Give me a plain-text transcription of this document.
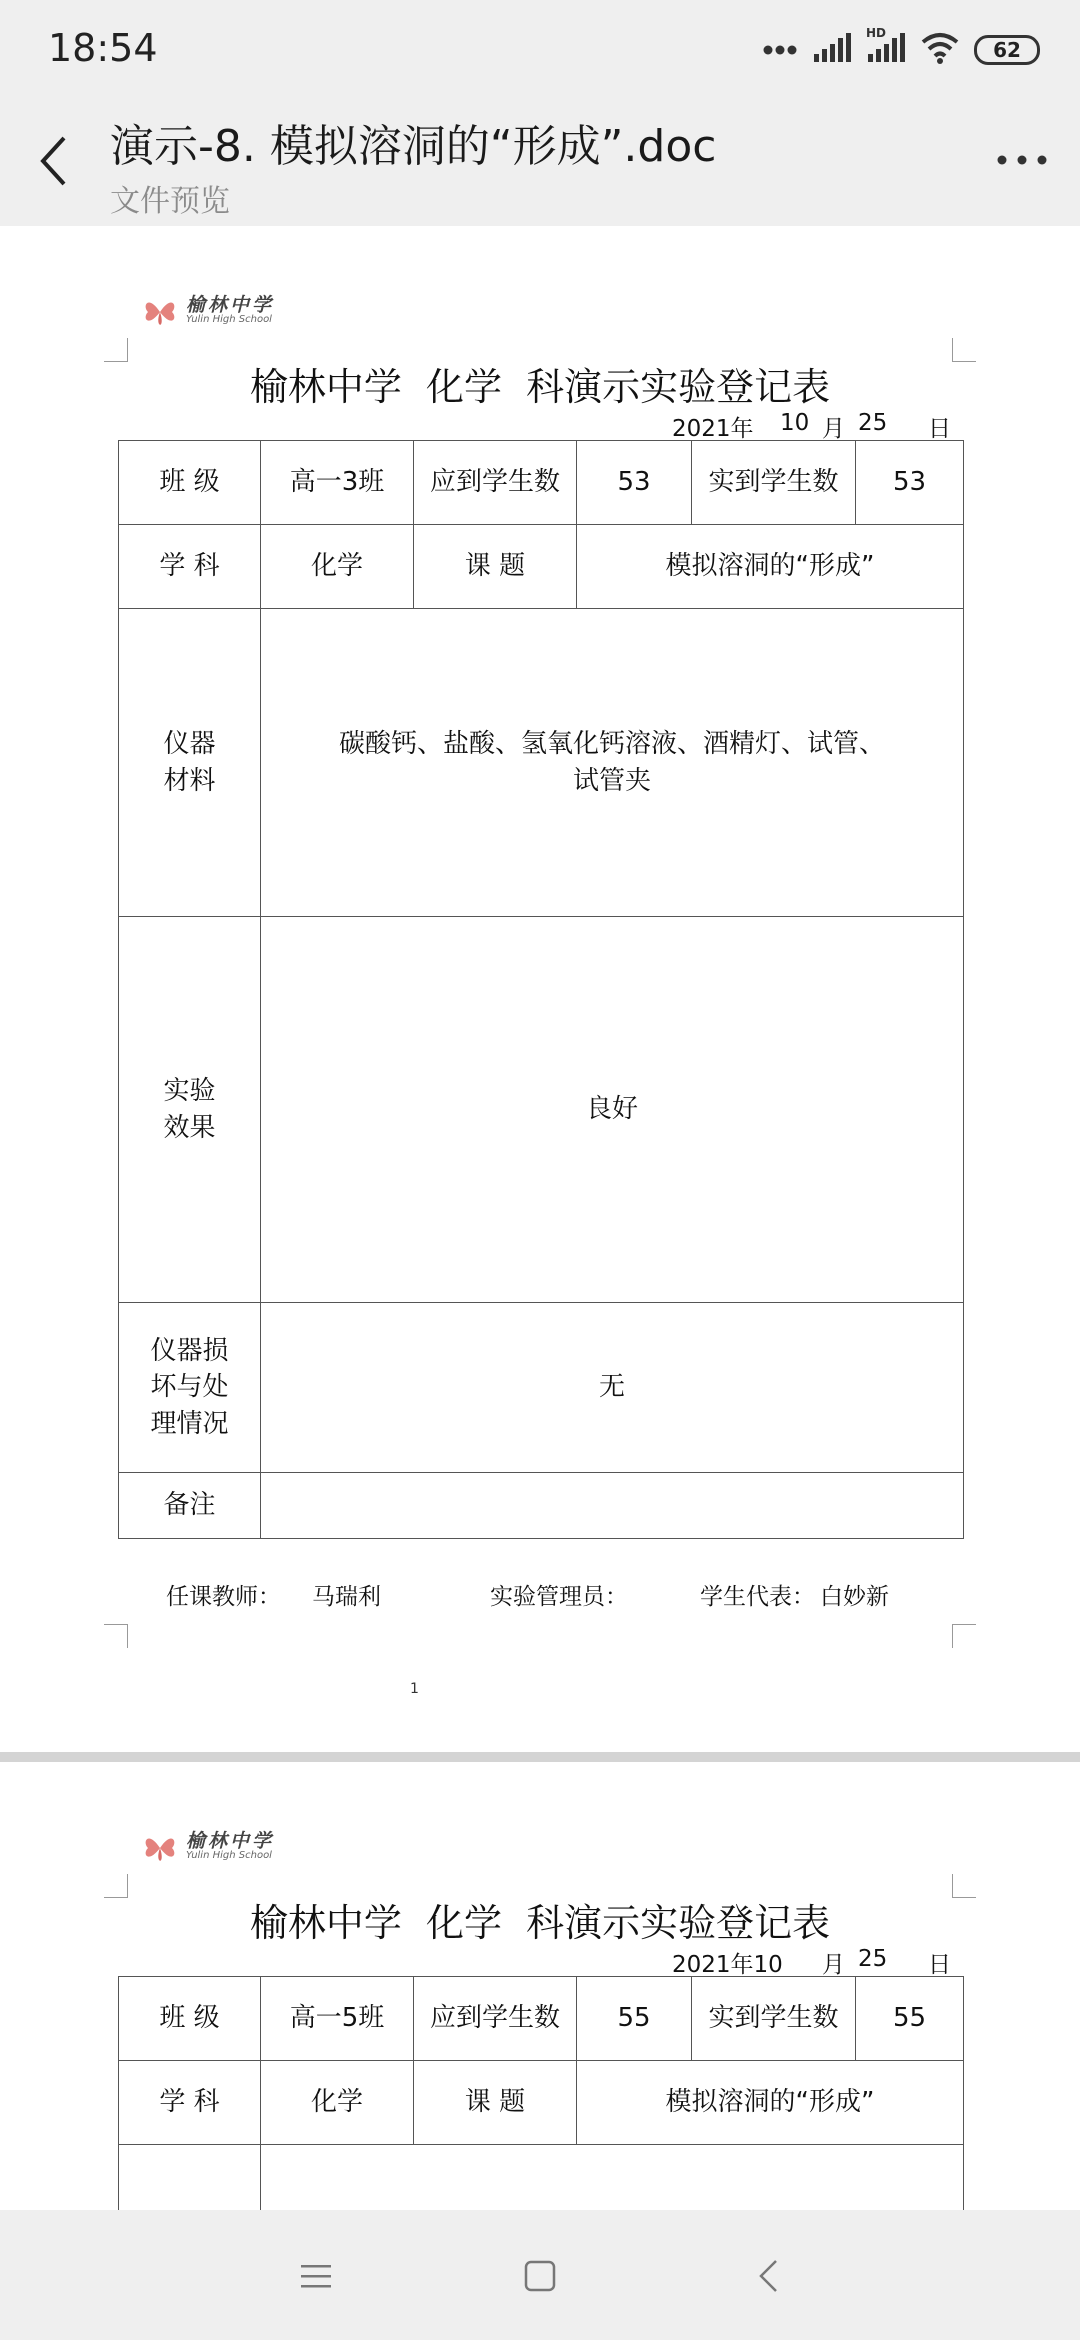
18:54	HD
62
演示-8. 模拟溶洞的“形成”.doc
文件预览
榆林中学
Yulin High School
榆林中学  化学  科演示实验登记表
2021年 10 月 25 日
班 级	高一3班	应到学生数	53	实到学生数	53
学 科	化学	课 题	模拟溶洞的“形成”		

仪器
材料	碳酸钙、盐酸、氢氧化钙溶液、酒精灯、试管、
试管夹				

实验
效果	良好				

仪器损
坏与处
理情况	无				
备注					
任课教师： 马瑞利	实验管理员：	学生代表： 白妙新
1
榆林中学
Yulin High School
榆林中学  化学  科演示实验登记表
2021年10 月 25 日
班 级	高一5班	应到学生数	55	实到学生数	55
学 科	化学	课 题	模拟溶洞的“形成”		
